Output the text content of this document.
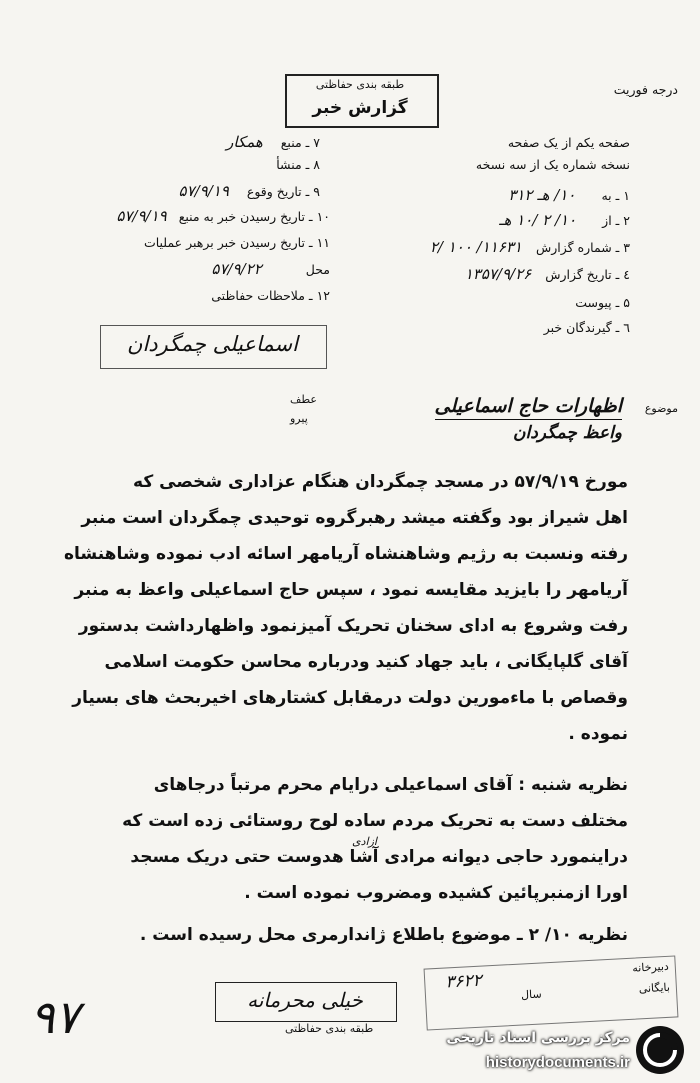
درجه فوریت
طبقه بندی حفاظتی
گزارش خبر
صفحه یکم از یک صفحه
نسخه شماره یک از سه نسخه
۱ ـ به ۱۰/ هـ ۳۱۲
۲ ـ از ۱۰/ ۲ /۱۰ هـ
۳ ـ شماره گزارش ۱۱۶۳۱/ ۱۰۰ /۲
٤ ـ تاریخ گزارش ۱۳۵۷/۹/۲۶
۵ ـ پیوست
٦ ـ گیرندگان خبر
۷ ـ منبع همکار
۸ ـ منشأ
۹ ـ تاریخ وقوع ۵۷/۹/۱۹
۱۰ ـ تاریخ رسیدن خبر به منبع ۵۷/۹/۱۹
۱۱ ـ تاریخ رسیدن خبر برهبر عملیات
محل ۵۷/۹/۲۲
۱۲ ـ ملاحظات حفاظتی
اسماعیلی چمگردان
موضوع
اظهارات حاج اسماعیلی
واعظ چمگردان
عطف
پیرو
مورخ ۵۷/۹/۱۹ در مسجد چمگردان هنگام عزاداری شخصی که
اهل شیراز بود وگفته میشد رهبرگروه توحیدی چمگردان است منبر
رفته ونسبت به رژیم وشاهنشاه آریامهر اسائه ادب نموده وشاهنشاه
آریامهر را بایزید مقایسه نمود ، سپس حاج اسماعیلی واعظ به منبر
رفت وشروع به ادای سخنان تحریک آمیزنمود واظهارداشت بدستور
آقای گلپایگانی ، باید جهاد کنید ودرباره محاسن حکومت اسلامی
وقصاص با ماءمورین دولت درمقابل کشتارهای اخیربحث های بسیار
نموده .
نظریه شنبه : آقای اسماعیلی درایام محرم مرتباً درجاهای
مختلف دست به تحریک مردم ساده لوح روستائی زده است که
دراینمورد حاجی دیوانه مرادی آشا هدوست حتی دریک مسجد
اورا ازمنبرپائین کشیده ومضروب نموده است .
ازادی
نظریه ۱۰/ ۲ ـ موضوع باطلاع ژاندارمری محل رسیده است .
۹۷	خیلی محرمانه
طبقه بندی حفاظتی
دبیرخانه
بایگانی
۳۶۲۲
سال
مرکز بررسی اسناد تاریخی
historydocuments.ir
